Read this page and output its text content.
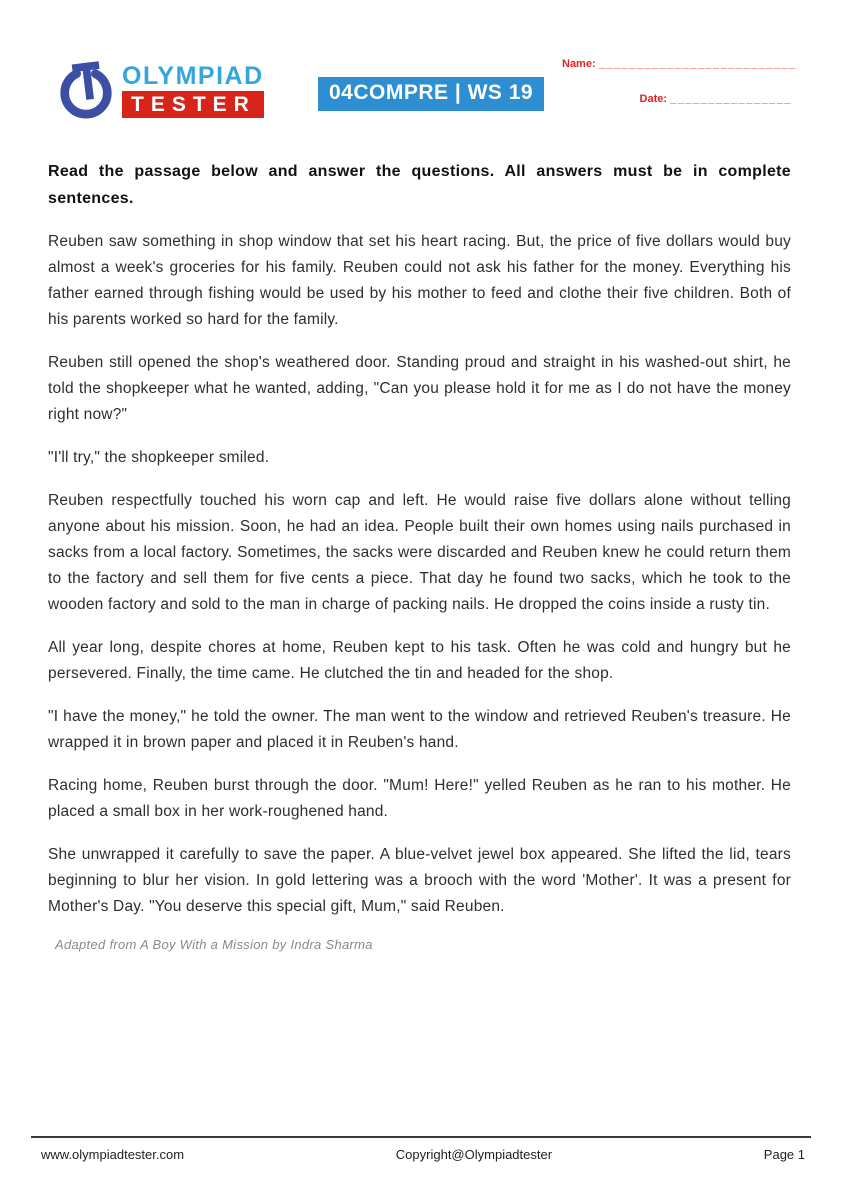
OLYMPIAD
TESTER	04COMPRE | WS 19
Name: __________________________
Date: ________________
Read the passage below and answer the questions. All answers must be in complete sentences.

Reuben saw something in shop window that set his heart racing. But, the price of five dollars would buy almost a week's groceries for his family. Reuben could not ask his father for the money. Everything his father earned through fishing would be used by his mother to feed and clothe their five children. Both of his parents worked so hard for the family.

Reuben still opened the shop's weathered door. Standing proud and straight in his washed-out shirt, he told the shopkeeper what he wanted, adding, "Can you please hold it for me as I do not have the money right now?"

"I'll try," the shopkeeper smiled.

Reuben respectfully touched his worn cap and left. He would raise five dollars alone without telling anyone about his mission. Soon, he had an idea. People built their own homes using nails purchased in sacks from a local factory. Sometimes, the sacks were discarded and Reuben knew he could return them to the factory and sell them for five cents a piece. That day he found two sacks, which he took to the wooden factory and sold to the man in charge of packing nails. He dropped the coins inside a rusty tin.

All year long, despite chores at home, Reuben kept to his task. Often he was cold and hungry but he persevered. Finally, the time came. He clutched the tin and headed for the shop.

"I have the money," he told the owner. The man went to the window and retrieved Reuben's treasure. He wrapped it in brown paper and placed it in Reuben's hand.

Racing home, Reuben burst through the door. "Mum! Here!" yelled Reuben as he ran to his mother. He placed a small box in her work-roughened hand.

She unwrapped it carefully to save the paper. A blue-velvet jewel box appeared. She lifted the lid, tears beginning to blur her vision. In gold lettering was a brooch with the word 'Mother'. It was a present for Mother's Day. "You deserve this special gift, Mum," said Reuben.

Adapted from A Boy With a Mission by Indra Sharma
www.olympiadtester.com	Copyright@Olympiadtester	Page 1
